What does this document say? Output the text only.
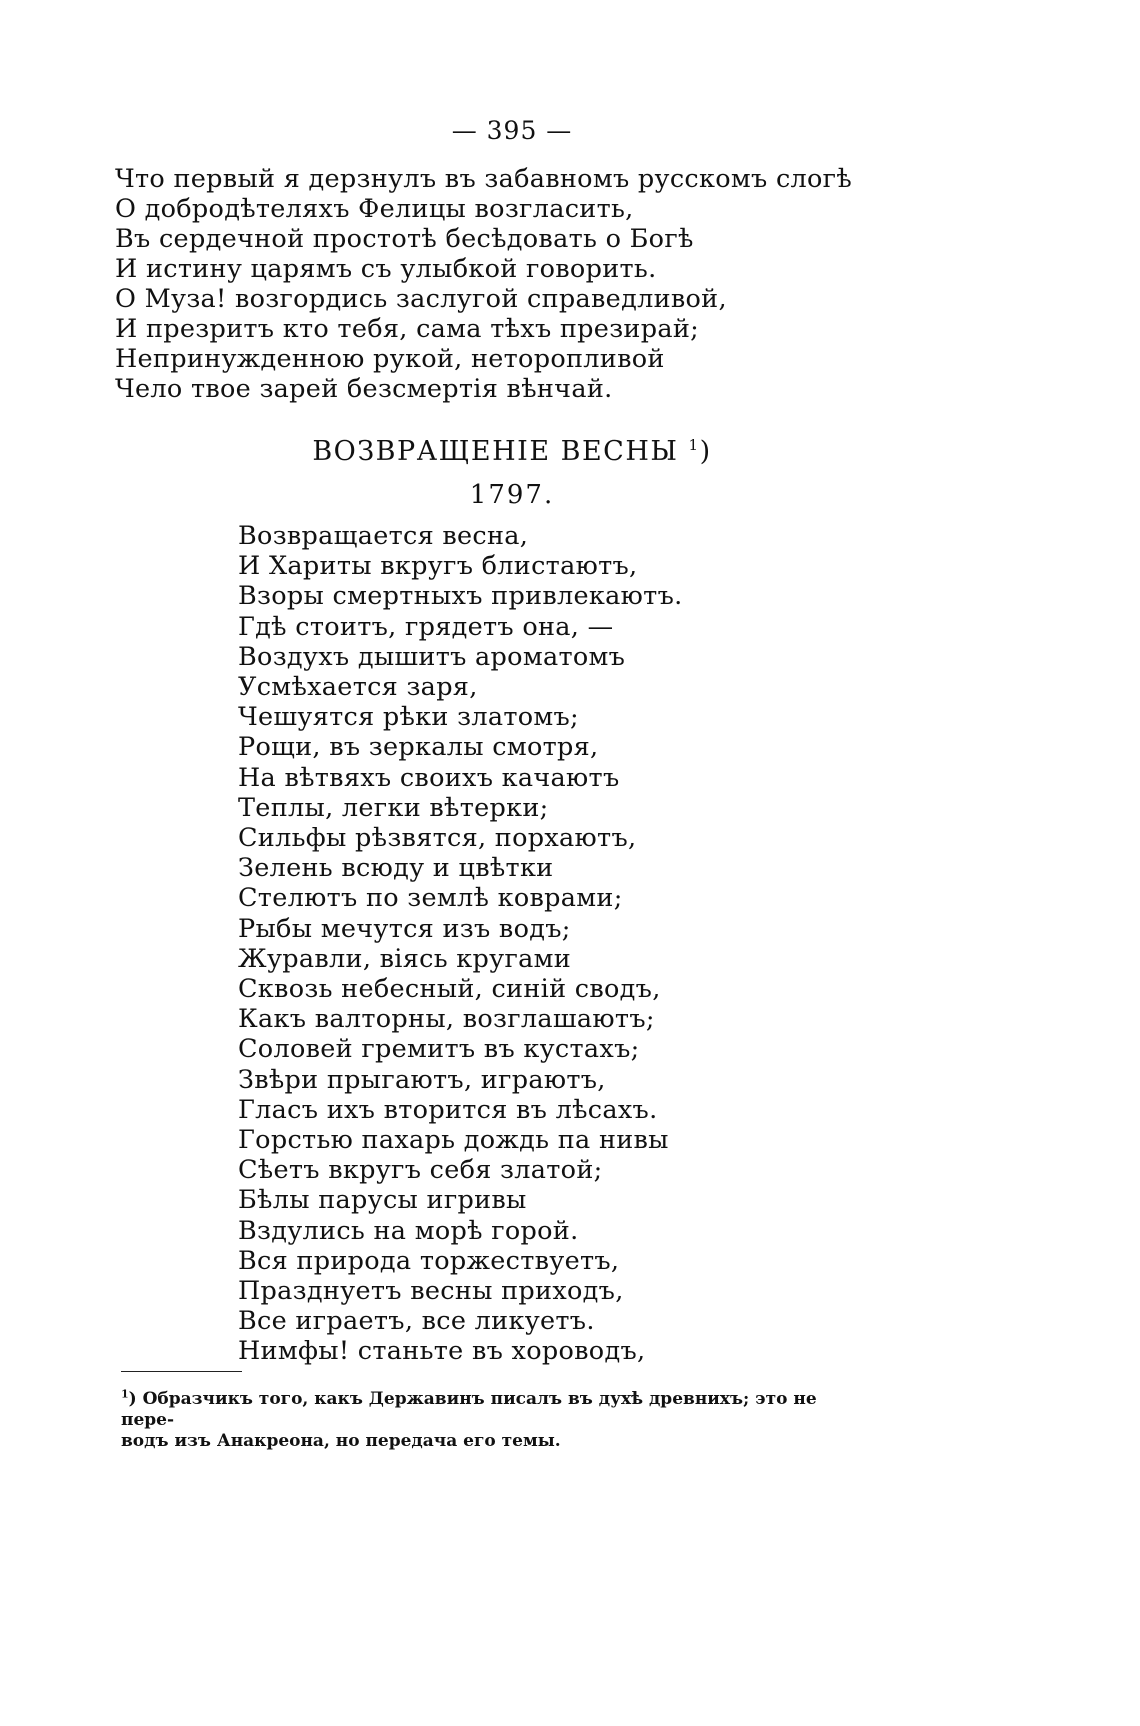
— 395 —
Что первый я дерзнулъ въ забавномъ русскомъ слогѣ
О добродѣтеляхъ Фелицы возгласить,
Въ сердечной простотѣ бесѣдовать о Богѣ
И истину царямъ съ улыбкой говорить.
О Муза! возгордись заслугой справедливой,
И презритъ кто тебя, сама тѣхъ презирай;
Непринужденною рукой, неторопливой
Чело твое зарей безсмертія вѣнчай.
ВОЗВРАЩЕНІЕ ВЕСНЫ $^1$)
1797.
Возвращается весна,
И Хариты вкругъ блистаютъ,
Взоры смертныхъ привлекаютъ.
Гдѣ стоитъ, грядетъ она, —
Воздухъ дышитъ ароматомъ
Усмѣхается заря,
Чешуятся рѣки златомъ;
Рощи, въ зеркалы смотря,
На вѣтвяхъ своихъ качаютъ
Теплы, легки вѣтерки;
Сильфы рѣзвятся, порхаютъ,
Зелень всюду и цвѣтки
Стелютъ по землѣ коврами;
Рыбы мечутся изъ водъ;
Журавли, віясь кругами
Сквозь небесный, синій сводъ,
Какъ валторны, возглашаютъ;
Соловей гремитъ въ кустахъ;
Звѣри прыгаютъ, играютъ,
Гласъ ихъ вторится въ лѣсахъ.
Горстью пахарь дождь па нивы
Сѣетъ вкругъ себя златой;
Бѣлы парусы игривы
Вздулись на морѣ горой.
Вся природа торжествуетъ,
Празднуетъ весны приходъ,
Все играетъ, все ликуетъ.
Нимфы! станьте въ хороводъ,
$^1$) Образчикъ того, какъ Державинъ писалъ въ духѣ древнихъ; это не пере-
водъ изъ Анакреона, но передача его темы.
